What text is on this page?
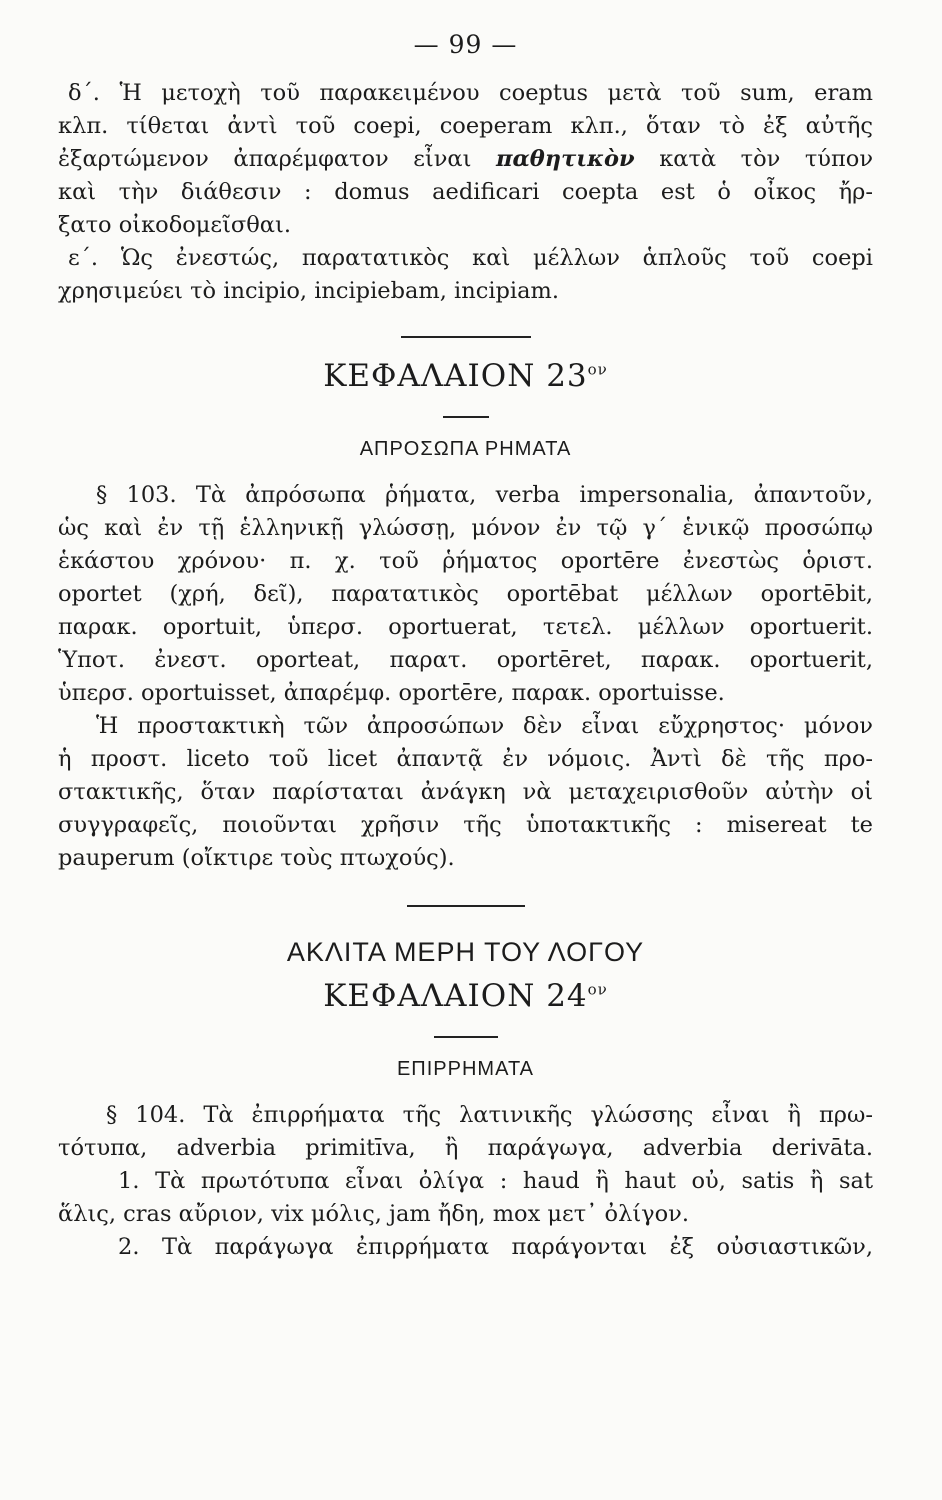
— 99 —
δ΄. Ἡ μετοχὴ τοῦ παρακειμένου coeptus μετὰ τοῦ sum, eram
κλπ. τίθεται ἀντὶ τοῦ coepi, coeperam κλπ., ὅταν τὸ ἐξ αὐτῆς
ἐξαρτώμενον ἀπαρέμφατον εἶναι παθητικὸν κατὰ τὸν τύπον
καὶ τὴν διάθεσιν : domus aedificari coepta est ὁ οἶκος ἤρ-
ξατο οἰκοδομεῖσθαι.
ε΄. Ὡς ἐνεστώς, παρατατικὸς καὶ μέλλων ἁπλοῦς τοῦ coepi
χρησιμεύει τὸ incipio, incipiebam, incipiam.
ΚΕΦΑΛΑΙΟΝ $23^{o\nu}$
ΑΠΡΟΣΩΠΑ ΡΗΜΑΤΑ
§ 103. Τὰ ἀπρόσωπα ῥήματα, verba impersonalia, ἀπαντοῦν,
ὡς καὶ ἐν τῇ ἑλληνικῇ γλώσσῃ, μόνον ἐν τῷ γ΄ ἑνικῷ προσώπῳ
ἑκάστου χρόνου· π. χ. τοῦ ῥήματος oportēre ἐνεστὼς ὁριστ.
oportet (χρή, δεῖ), παρατατικὸς oportēbat μέλλων oportēbit,
παρακ. oportuit, ὑπερσ. oportuerat, τετελ. μέλλων oportuerit.
Ὑποτ. ἐνεστ. oporteat, παρατ. oportēret, παρακ. oportuerit,
ὑπερσ. oportuisset, ἀπαρέμφ. oportēre, παρακ. oportuisse.
Ἡ προστακτικὴ τῶν ἀπροσώπων δὲν εἶναι εὔχρηστος· μόνον
ἡ προστ. liceto τοῦ licet ἀπαντᾷ ἐν νόμοις. Ἀντὶ δὲ τῆς προ-
στακτικῆς, ὅταν παρίσταται ἀνάγκη νὰ μεταχειρισθοῦν αὐτὴν οἱ
συγγραφεῖς, ποιοῦνται χρῆσιν τῆς ὑποτακτικῆς : misereat te
pauperum (οἴκτιρε τοὺς πτωχούς).
ΑΚΛΙΤΑ ΜΕΡΗ ΤΟΥ ΛΟΓΟΥ
ΚΕΦΑΛΑΙΟΝ $24^{o\nu}$
ΕΠΙΡΡΗΜΑΤΑ
§ 104. Τὰ ἐπιρρήματα τῆς λατινικῆς γλώσσης εἶναι ἢ πρω-
τότυπα, adverbia primitīva, ἢ παράγωγα, adverbia derivāta.
1. Τὰ πρωτότυπα εἶναι ὀλίγα : haud ἢ haut οὐ, satis ἢ sat
ἅλις, cras αὔριον, vix μόλις, jam ἤδη, mox μετ᾽ ὀλίγον.
2. Τὰ παράγωγα ἐπιρρήματα παράγονται ἐξ οὐσιαστικῶν,
